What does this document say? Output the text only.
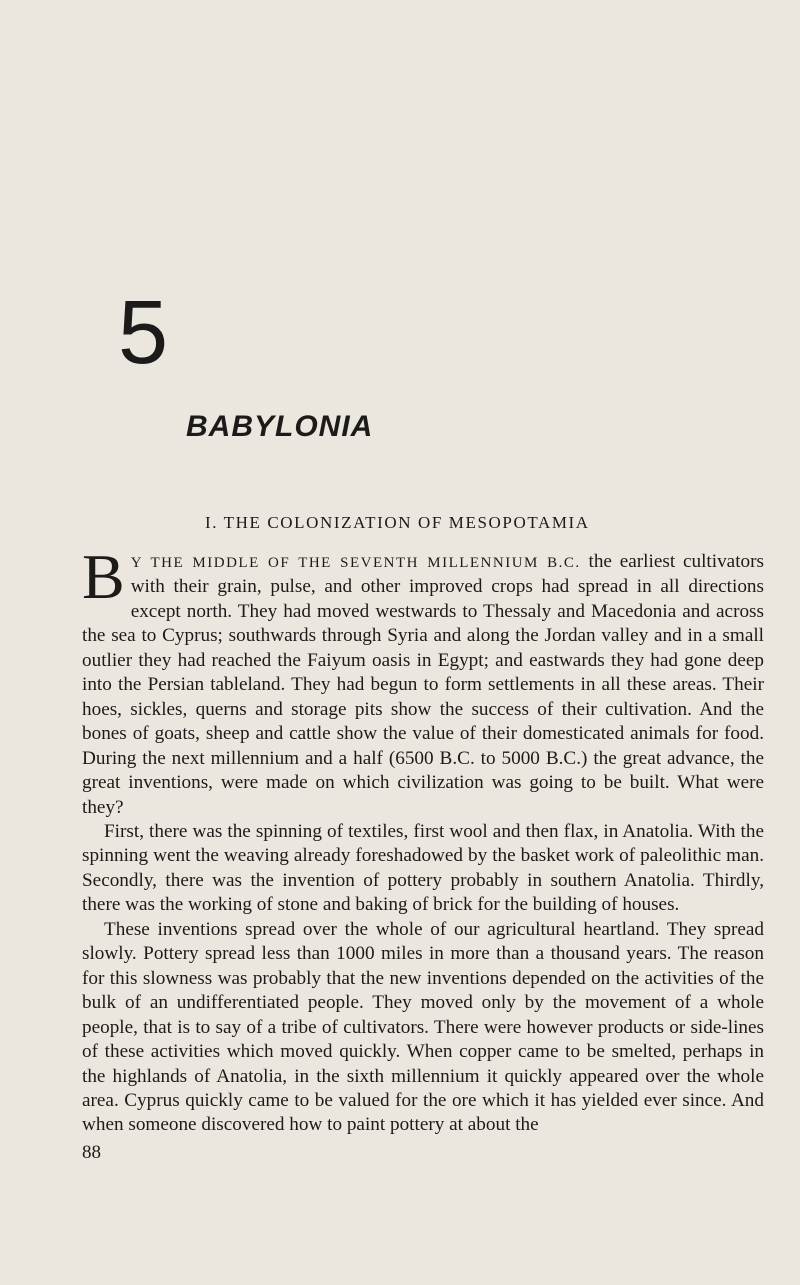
5
BABYLONIA
I. THE COLONIZATION OF MESOPOTAMIA

B Y THE MIDDLE OF THE SEVENTH MILLENNIUM B.C. the earliest cultivators with their grain, pulse, and other improved crops had spread in all directions except north. They had moved westwards to Thessaly and Macedonia and across the sea to Cyprus; southwards through Syria and along the Jordan valley and in a small outlier they had reached the Faiyum oasis in Egypt; and eastwards they had gone deep into the Persian tableland. They had begun to form settlements in all these areas. Their hoes, sickles, querns and storage pits show the success of their cultivation. And the bones of goats, sheep and cattle show the value of their domesticated animals for food. During the next millennium and a half (6500 B.C. to 5000 B.C.) the great advance, the great inventions, were made on which civilization was going to be built. What were they?

First, there was the spinning of textiles, first wool and then flax, in Anatolia. With the spinning went the weaving already foreshadowed by the basket work of paleolithic man. Secondly, there was the invention of pottery probably in southern Anatolia. Thirdly, there was the working of stone and baking of brick for the building of houses.

These inventions spread over the whole of our agricultural heartland. They spread slowly. Pottery spread less than 1000 miles in more than a thousand years. The reason for this slowness was probably that the new inventions depended on the activities of the bulk of an undifferentiated people. They moved only by the movement of a whole people, that is to say of a tribe of cultivators. There were however products or side-lines of these activities which moved quickly. When copper came to be smelted, perhaps in the highlands of Anatolia, in the sixth millennium it quickly appeared over the whole area. Cyprus quickly came to be valued for the ore which it has yielded ever since. And when someone discovered how to paint pottery at about the

88
